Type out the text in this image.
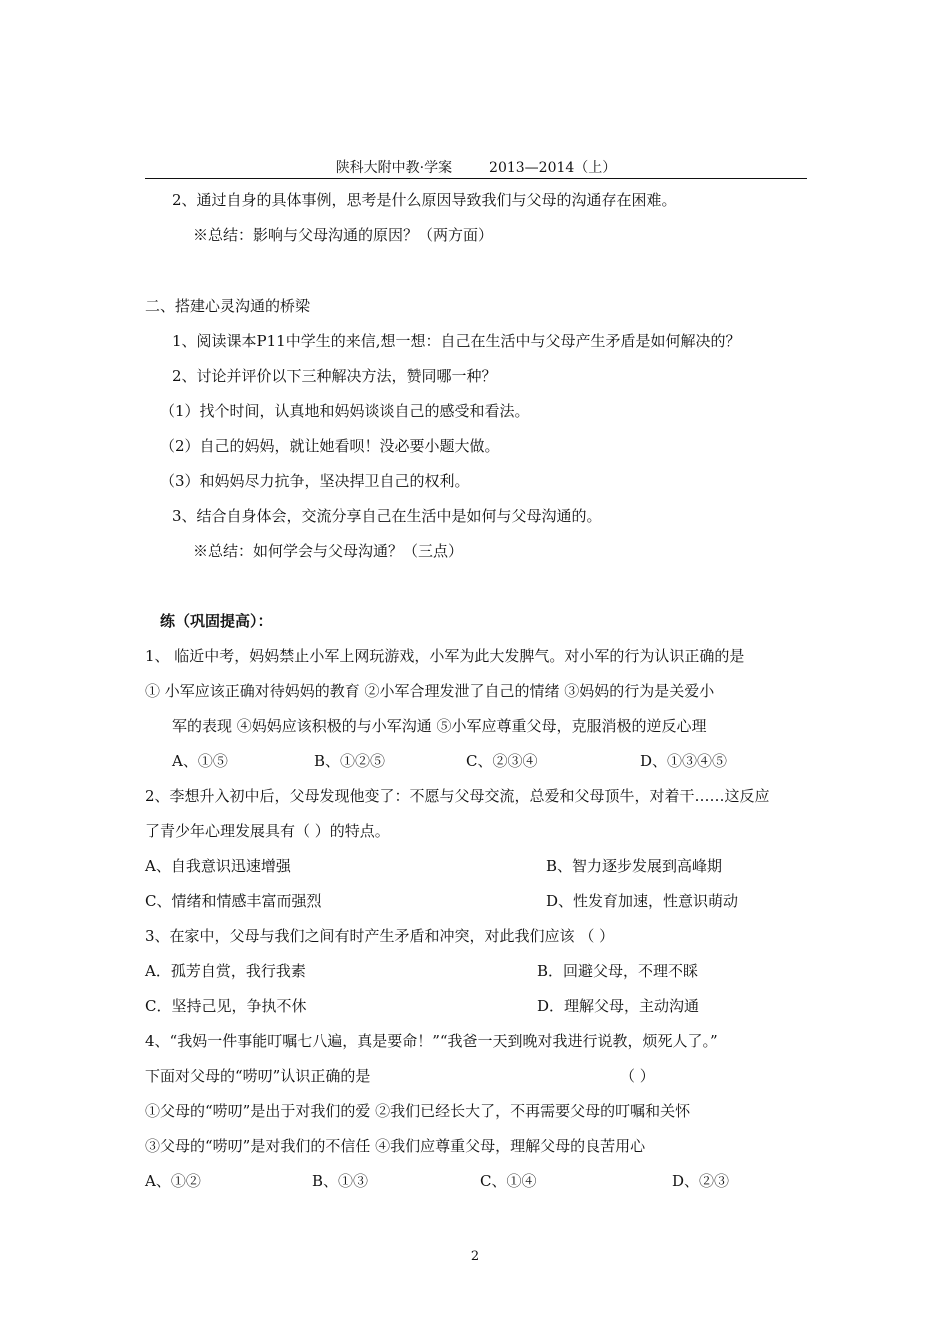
陕科大附中教·学案	2013—2014（上）
2、通过自身的具体事例，思考是什么原因导致我们与父母的沟通存在困难。
※总结：影响与父母沟通的原因？（两方面）
二、搭建心灵沟通的桥梁
1、阅读课本P11中学生的来信,想一想：自己在生活中与父母产生矛盾是如何解决的？
2、讨论并评价以下三种解决方法，赞同哪一种？
（1）找个时间，认真地和妈妈谈谈自己的感受和看法。
（2）自己的妈妈，就让她看呗！没必要小题大做。
（3）和妈妈尽力抗争，坚决捍卫自己的权利。
3、结合自身体会，交流分享自己在生活中是如何与父母沟通的。
※总结：如何学会与父母沟通？（三点）
练（巩固提高）：
1、 临近中考，妈妈禁止小军上网玩游戏，小军为此大发脾气。对小军的行为认识正确的是
① 小军应该正确对待妈妈的教育 ②小军合理发泄了自己的情绪 ③妈妈的行为是关爱小
军的表现 ④妈妈应该积极的与小军沟通 ⑤小军应尊重父母，克服消极的逆反心理
A、①⑤	B、①②⑤	C、②③④	D、①③④⑤
2、李想升入初中后，父母发现他变了：不愿与父母交流，总爱和父母顶牛，对着干……这反应
了青少年心理发展具有（ ）的特点。
A、自我意识迅速增强	B、智力逐步发展到高峰期
C、情绪和情感丰富而强烈	D、性发育加速，性意识萌动
3、在家中，父母与我们之间有时产生矛盾和冲突，对此我们应该 （ ）
A．孤芳自赏，我行我素	B．回避父母，不理不睬
C．坚持己见，争执不休	D．理解父母，主动沟通
4、“我妈一件事能叮嘱七八遍，真是要命！”“我爸一天到晚对我进行说教，烦死人了。”
下面对父母的“唠叨”认识正确的是	（ ）
①父母的“唠叨”是出于对我们的爱 ②我们已经长大了，不再需要父母的叮嘱和关怀
③父母的“唠叨”是对我们的不信任 ④我们应尊重父母，理解父母的良苦用心
A、①②	B、①③	C、①④	D、②③
2
